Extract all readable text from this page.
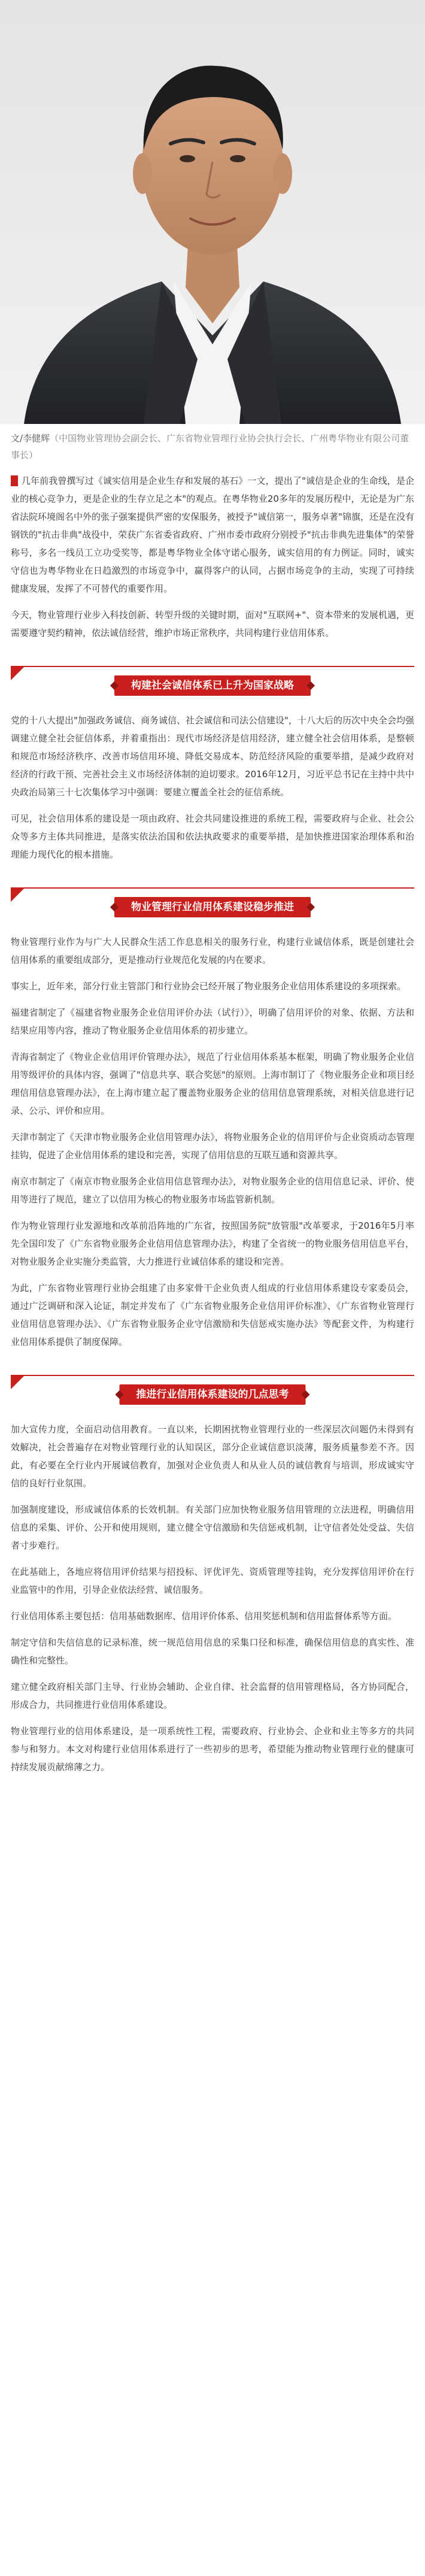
文/李健辉（中国物业管理协会副会长、广东省物业管理行业协会执行会长、广州粤华物业有限公司董事长）

几年前我曾撰写过《诚实信用是企业生存和发展的基石》一文，提出了"诚信是企业的生命线，是企业的核心竞争力，更是企业的生存立足之本"的观点。在粤华物业20多年的发展历程中，无论是为广东省法院环境阁名中外的张子强案提供严密的安保服务，被授予"诚信第一，服务卓著"锦旗，还是在没有钢铁的"抗击非典"战役中，荣获广东省委省政府、广州市委市政府分别授予"抗击非典先进集体"的荣誉称号，多名一线员工立功受奖等，都是粤华物业全体守诺心服务，诚实信用的有力例证。同时，诚实守信也为粤华物业在日趋激烈的市场竞争中，赢得客户的认同，占据市场竞争的主动，实现了可持续健康发展，发挥了不可替代的重要作用。

今天，物业管理行业步入科技创新、转型升级的关键时期，面对"互联网+"、资本带来的发展机遇，更需要遵守契约精神，依法诚信经营，维护市场正常秩序，共同构建行业信用体系。

构建社会诚信体系已上升为国家战略

党的十八大提出"加强政务诚信、商务诚信、社会诚信和司法公信建设"，十八大后的历次中央全会均强调建立健全社会征信体系，并着重指出：现代市场经济是信用经济，建立健全社会信用体系，是整顿和规范市场经济秩序、改善市场信用环境、降低交易成本、防范经济风险的重要举措，是减少政府对经济的行政干预、完善社会主义市场经济体制的迫切要求。2016年12月，习近平总书记在主持中共中央政治局第三十七次集体学习中强调：要建立覆盖全社会的征信系统。

可见，社会信用体系的建设是一项由政府、社会共同建设推进的系统工程，需要政府与企业、社会公众等多方主体共同推进，是落实依法治国和依法执政要求的重要举措，是加快推进国家治理体系和治理能力现代化的根本措施。

物业管理行业信用体系建设稳步推进

物业管理行业作为与广大人民群众生活工作息息相关的服务行业，构建行业诚信体系，既是创建社会信用体系的重要组成部分，更是推动行业规范化发展的内在要求。

事实上，近年来，部分行业主管部门和行业协会已经开展了物业服务企业信用体系建设的多项探索。

福建省制定了《福建省物业服务企业信用评价办法（试行）》，明确了信用评价的对象、依据、方法和结果应用等内容，推动了物业服务企业信用体系的初步建立。

青海省制定了《物业企业信用评价管理办法》，规范了行业信用体系基本框架，明确了物业服务企业信用等级评价的具体内容，强调了"信息共享、联合奖惩"的原则。上海市制订了《物业服务企业和项目经理信用信息管理办法》，在上海市建立起了覆盖物业服务企业的信用信息管理系统，对相关信息进行记录、公示、评价和应用。

天津市制定了《天津市物业服务企业信用管理办法》，将物业服务企业的信用评价与企业资质动态管理挂钩，促进了企业信用体系的建设和完善，实现了信用信息的互联互通和资源共享。

南京市制定了《南京市物业服务企业信用信息管理办法》，对物业服务企业的信用信息记录、评价、使用等进行了规范，建立了以信用为核心的物业服务市场监管新机制。

作为物业管理行业发源地和改革前沿阵地的广东省，按照国务院"放管服"改革要求，于2016年5月率先全国印发了《广东省物业服务企业信用信息管理办法》，构建了全省统一的物业服务信用信息平台，对物业服务企业实施分类监管，大力推进行业诚信体系的建设和完善。

为此，广东省物业管理行业协会组建了由多家骨干企业负责人组成的行业信用体系建设专家委员会，通过广泛调研和深入论证，制定并发布了《广东省物业服务企业信用评价标准》、《广东省物业管理行业信用信息管理办法》、《广东省物业服务企业守信激励和失信惩戒实施办法》等配套文件，为构建行业信用体系提供了制度保障。

推进行业信用体系建设的几点思考

加大宣传力度，全面启动信用教育。一直以来，长期困扰物业管理行业的一些深层次问题仍未得到有效解决，社会普遍存在对物业管理行业的认知误区，部分企业诚信意识淡薄，服务质量参差不齐。因此，有必要在全行业内开展诚信教育，加强对企业负责人和从业人员的诚信教育与培训，形成诚实守信的良好行业氛围。

加强制度建设，形成诚信体系的长效机制。有关部门应加快物业服务信用管理的立法进程，明确信用信息的采集、评价、公开和使用规则，建立健全守信激励和失信惩戒机制，让守信者处处受益、失信者寸步难行。

在此基础上，各地应将信用评价结果与招投标、评优评先、资质管理等挂钩，充分发挥信用评价在行业监管中的作用，引导企业依法经营、诚信服务。

行业信用体系主要包括：信用基础数据库、信用评价体系、信用奖惩机制和信用监督体系等方面。

制定守信和失信信息的记录标准，统一规范信用信息的采集口径和标准，确保信用信息的真实性、准确性和完整性。

建立健全政府相关部门主导、行业协会辅助、企业自律、社会监督的信用管理格局，各方协同配合，形成合力，共同推进行业信用体系建设。

物业管理行业的信用体系建设，是一项系统性工程，需要政府、行业协会、企业和业主等多方的共同参与和努力。本文对构建行业信用体系进行了一些初步的思考，希望能为推动物业管理行业的健康可持续发展贡献绵薄之力。
